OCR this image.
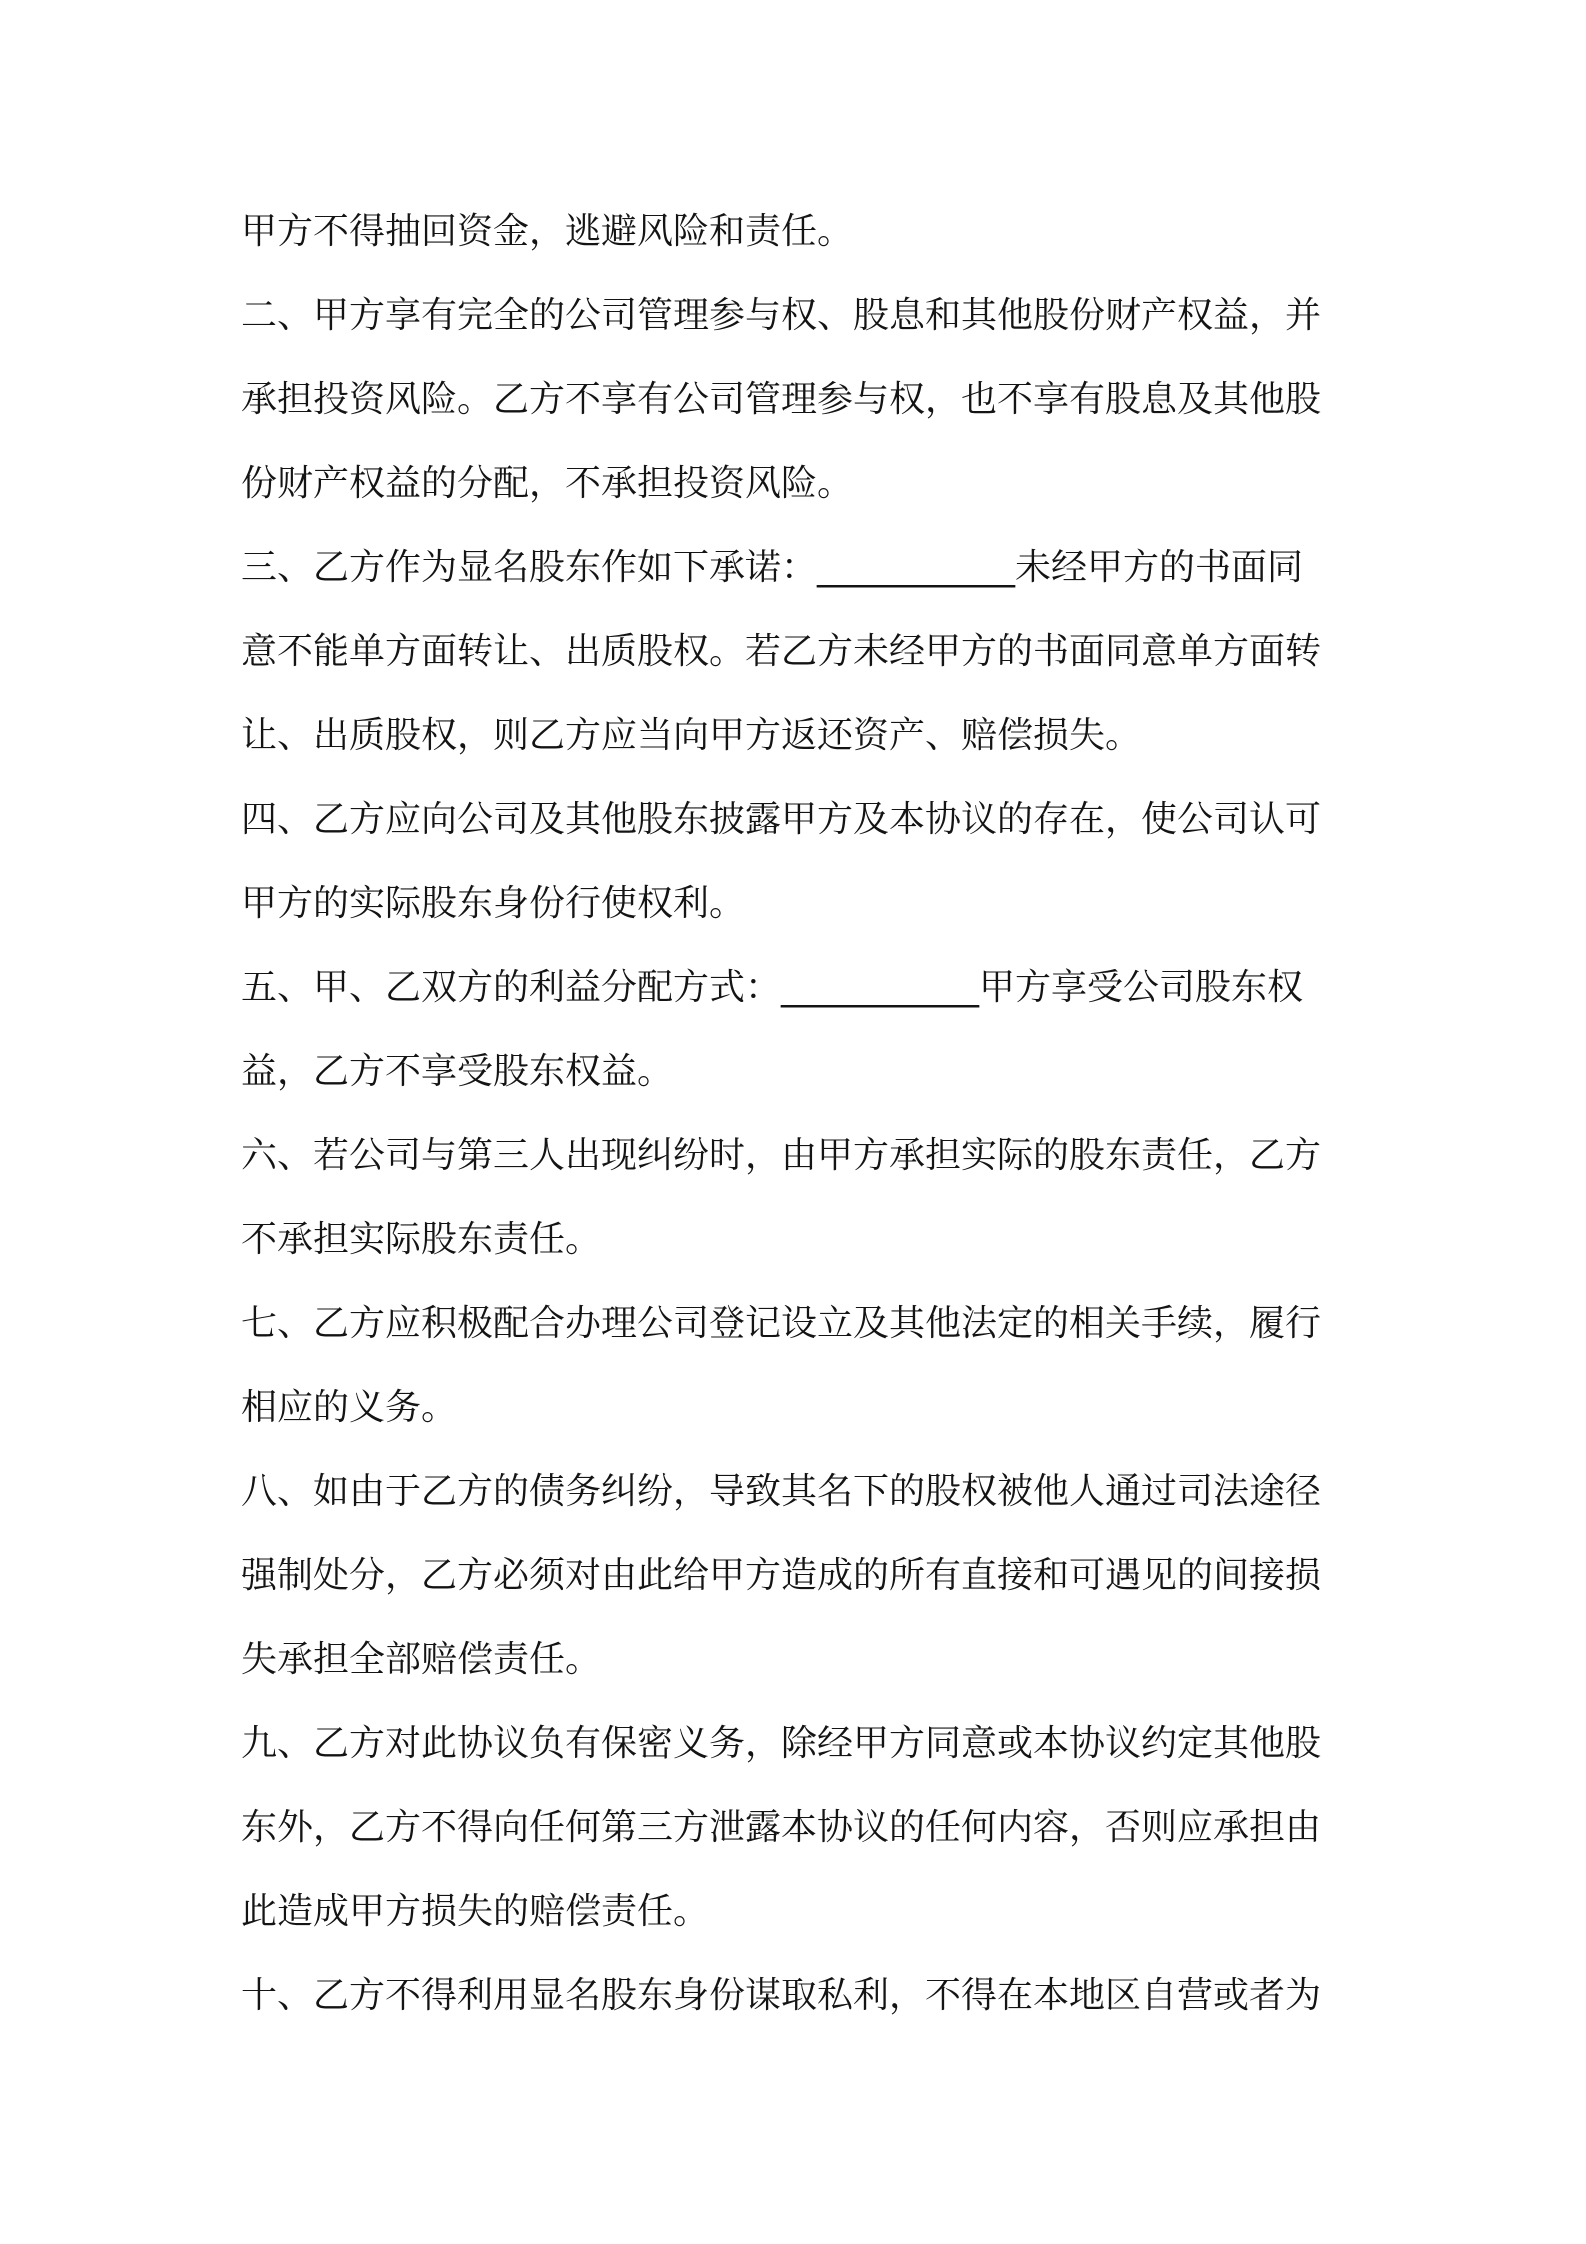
甲方不得抽回资金，逃避风险和责任。
二、甲方享有完全的公司管理参与权、股息和其他股份财产权益，并
承担投资风险。乙方不享有公司管理参与权，也不享有股息及其他股
份财产权益的分配，不承担投资风险。
三、乙方作为显名股东作如下承诺：___________未经甲方的书面同
意不能单方面转让、出质股权。若乙方未经甲方的书面同意单方面转
让、出质股权，则乙方应当向甲方返还资产、赔偿损失。
四、乙方应向公司及其他股东披露甲方及本协议的存在，使公司认可
甲方的实际股东身份行使权利。
五、甲、乙双方的利益分配方式：___________甲方享受公司股东权
益，乙方不享受股东权益。
六、若公司与第三人出现纠纷时，由甲方承担实际的股东责任，乙方
不承担实际股东责任。
七、乙方应积极配合办理公司登记设立及其他法定的相关手续，履行
相应的义务。
八、如由于乙方的债务纠纷，导致其名下的股权被他人通过司法途径
强制处分，乙方必须对由此给甲方造成的所有直接和可遇见的间接损
失承担全部赔偿责任。
九、乙方对此协议负有保密义务，除经甲方同意或本协议约定其他股
东外，乙方不得向任何第三方泄露本协议的任何内容，否则应承担由
此造成甲方损失的赔偿责任。
十、乙方不得利用显名股东身份谋取私利，不得在本地区自营或者为
